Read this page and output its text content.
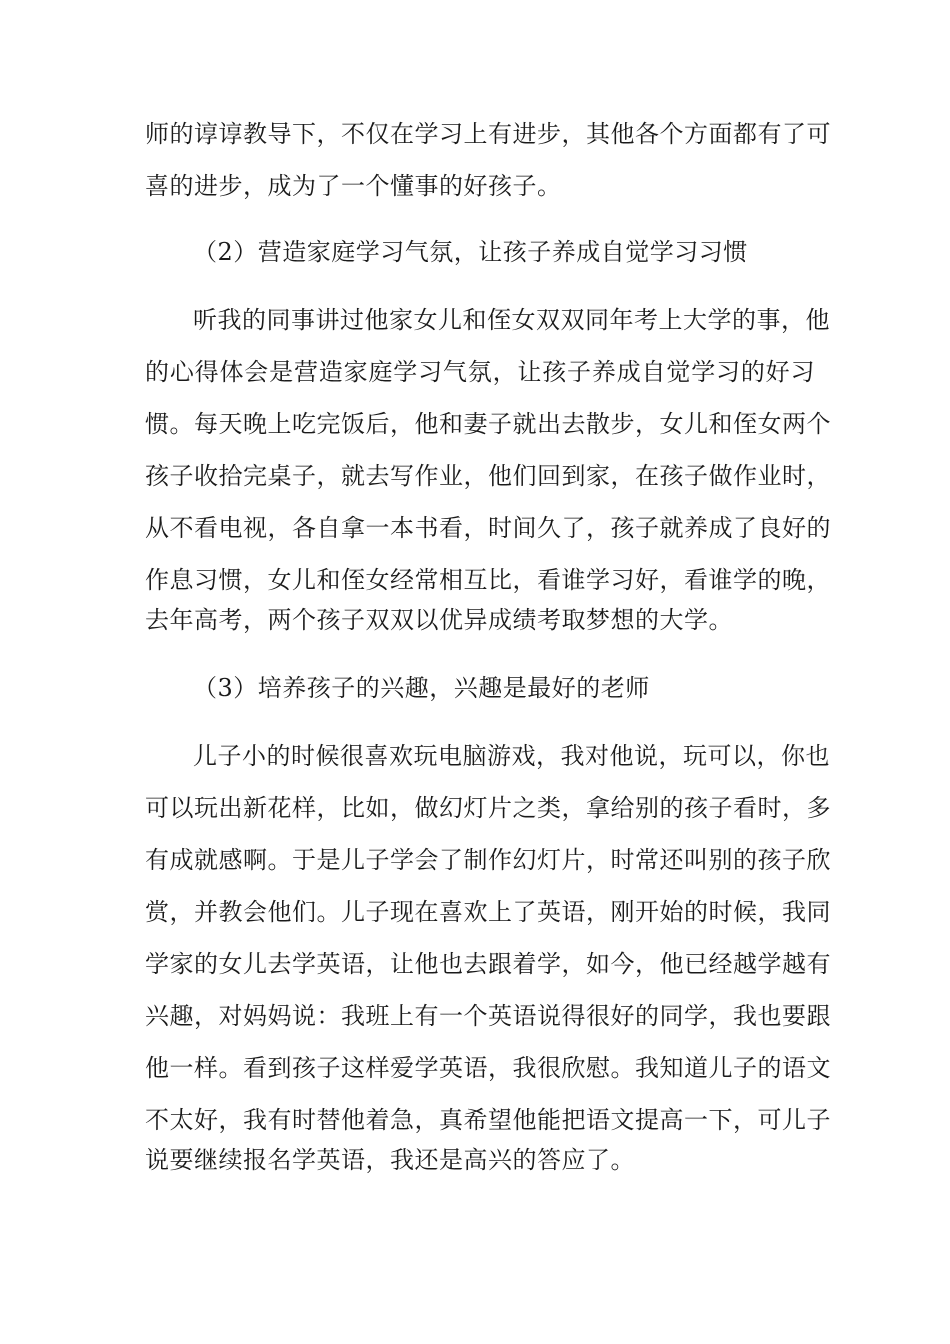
师的谆谆教导下，不仅在学习上有进步，其他各个方面都有了可
喜的进步，成为了一个懂事的好孩子。
（2）营造家庭学习气氛，让孩子养成自觉学习习惯
听我的同事讲过他家女儿和侄女双双同年考上大学的事，他
的心得体会是营造家庭学习气氛，让孩子养成自觉学习的好习
惯。每天晚上吃完饭后，他和妻子就出去散步，女儿和侄女两个
孩子收拾完桌子，就去写作业，他们回到家，在孩子做作业时，
从不看电视，各自拿一本书看，时间久了，孩子就养成了良好的
作息习惯，女儿和侄女经常相互比，看谁学习好，看谁学的晚，
去年高考，两个孩子双双以优异成绩考取梦想的大学。
（3）培养孩子的兴趣，兴趣是最好的老师
儿子小的时候很喜欢玩电脑游戏，我对他说，玩可以，你也
可以玩出新花样，比如，做幻灯片之类，拿给别的孩子看时，多
有成就感啊。于是儿子学会了制作幻灯片，时常还叫别的孩子欣
赏，并教会他们。儿子现在喜欢上了英语，刚开始的时候，我同
学家的女儿去学英语，让他也去跟着学，如今，他已经越学越有
兴趣，对妈妈说：我班上有一个英语说得很好的同学，我也要跟
他一样。看到孩子这样爱学英语，我很欣慰。我知道儿子的语文
不太好，我有时替他着急，真希望他能把语文提高一下，可儿子
说要继续报名学英语，我还是高兴的答应了。
